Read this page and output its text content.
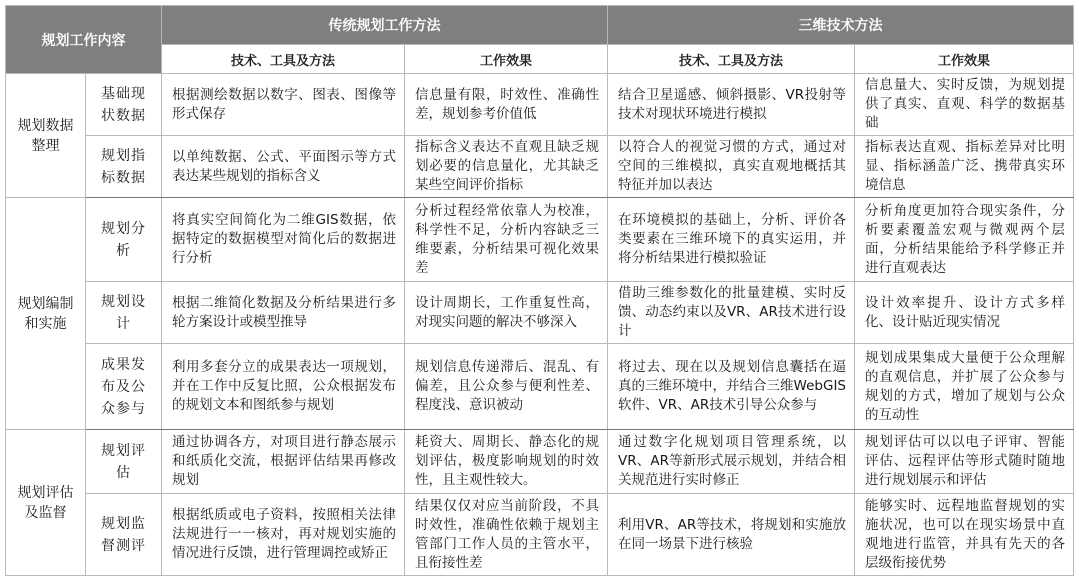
规划工作内容		传统规划工作方法		三维技术方法	
		技术、工具及方法	工作效果	技术、工具及方法	工作效果
规划数据整理	基础现状数据	根据测绘数据以数字、图表、图像等形式保存	信息量有限，时效性、准确性差，规划参考价值低	结合卫星遥感、倾斜摄影、VR投射等技术对现状环境进行模拟	信息量大、实时反馈，为规划提供了真实、直观、科学的数据基础
	规划指标数据	以单纯数据、公式、平面图示等方式表达某些规划的指标含义	指标含义表达不直观且缺乏规划必要的信息量化，尤其缺乏某些空间评价指标	以符合人的视觉习惯的方式，通过对空间的三维模拟，真实直观地概括其特征并加以表达	指标表达直观、指标差异对比明显、指标涵盖广泛、携带真实环境信息
规划编制和实施	规划分析	将真实空间简化为二维GIS数据，依据特定的数据模型对简化后的数据进行分析	分析过程经常依靠人为校准，科学性不足，分析内容缺乏三维要素，分析结果可视化效果差	在环境模拟的基础上，分析、评价各类要素在三维环境下的真实运用，并将分析结果进行模拟验证	分析角度更加符合现实条件，分析要素覆盖宏观与微观两个层面，分析结果能给予科学修正并进行直观表达
	规划设计	根据二维简化数据及分析结果进行多轮方案设计或模型推导	设计周期长，工作重复性高，对现实问题的解决不够深入	借助三维参数化的批量建模、实时反馈、动态约束以及VR、AR技术进行设计	设计效率提升、设计方式多样化、设计贴近现实情况
	成果发布及公众参与	利用多套分立的成果表达一项规划，并在工作中反复比照，公众根据发布的规划文本和图纸参与规划	规划信息传递滞后、混乱、有偏差，且公众参与便利性差、程度浅、意识被动	将过去、现在以及规划信息囊括在逼真的三维环境中，并结合三维WebGIS软件、VR、AR技术引导公众参与	规划成果集成大量便于公众理解的直观信息，并扩展了公众参与规划的方式，增加了规划与公众的互动性
规划评估及监督	规划评估	通过协调各方，对项目进行静态展示和纸质化交流，根据评估结果再修改规划	耗资大、周期长、静态化的规划评估，极度影响规划的时效性，且主观性较大。	通过数字化规划项目管理系统，以VR、AR等新形式展示规划，并结合相关规范进行实时修正	规划评估可以以电子评审、智能评估、远程评估等形式随时随地进行规划展示和评估
	规划监督测评	根据纸质或电子资料，按照相关法律法规进行一一核对，再对规划实施的情况进行反馈，进行管理调控或矫正	结果仅仅对应当前阶段，不具时效性，准确性依赖于规划主管部门工作人员的主管水平，且衔接性差	利用VR、AR等技术，将规划和实施放在同一场景下进行核验	能够实时、远程地监督规划的实施状况，也可以在现实场景中直观地进行监管，并具有先天的各层级衔接优势
